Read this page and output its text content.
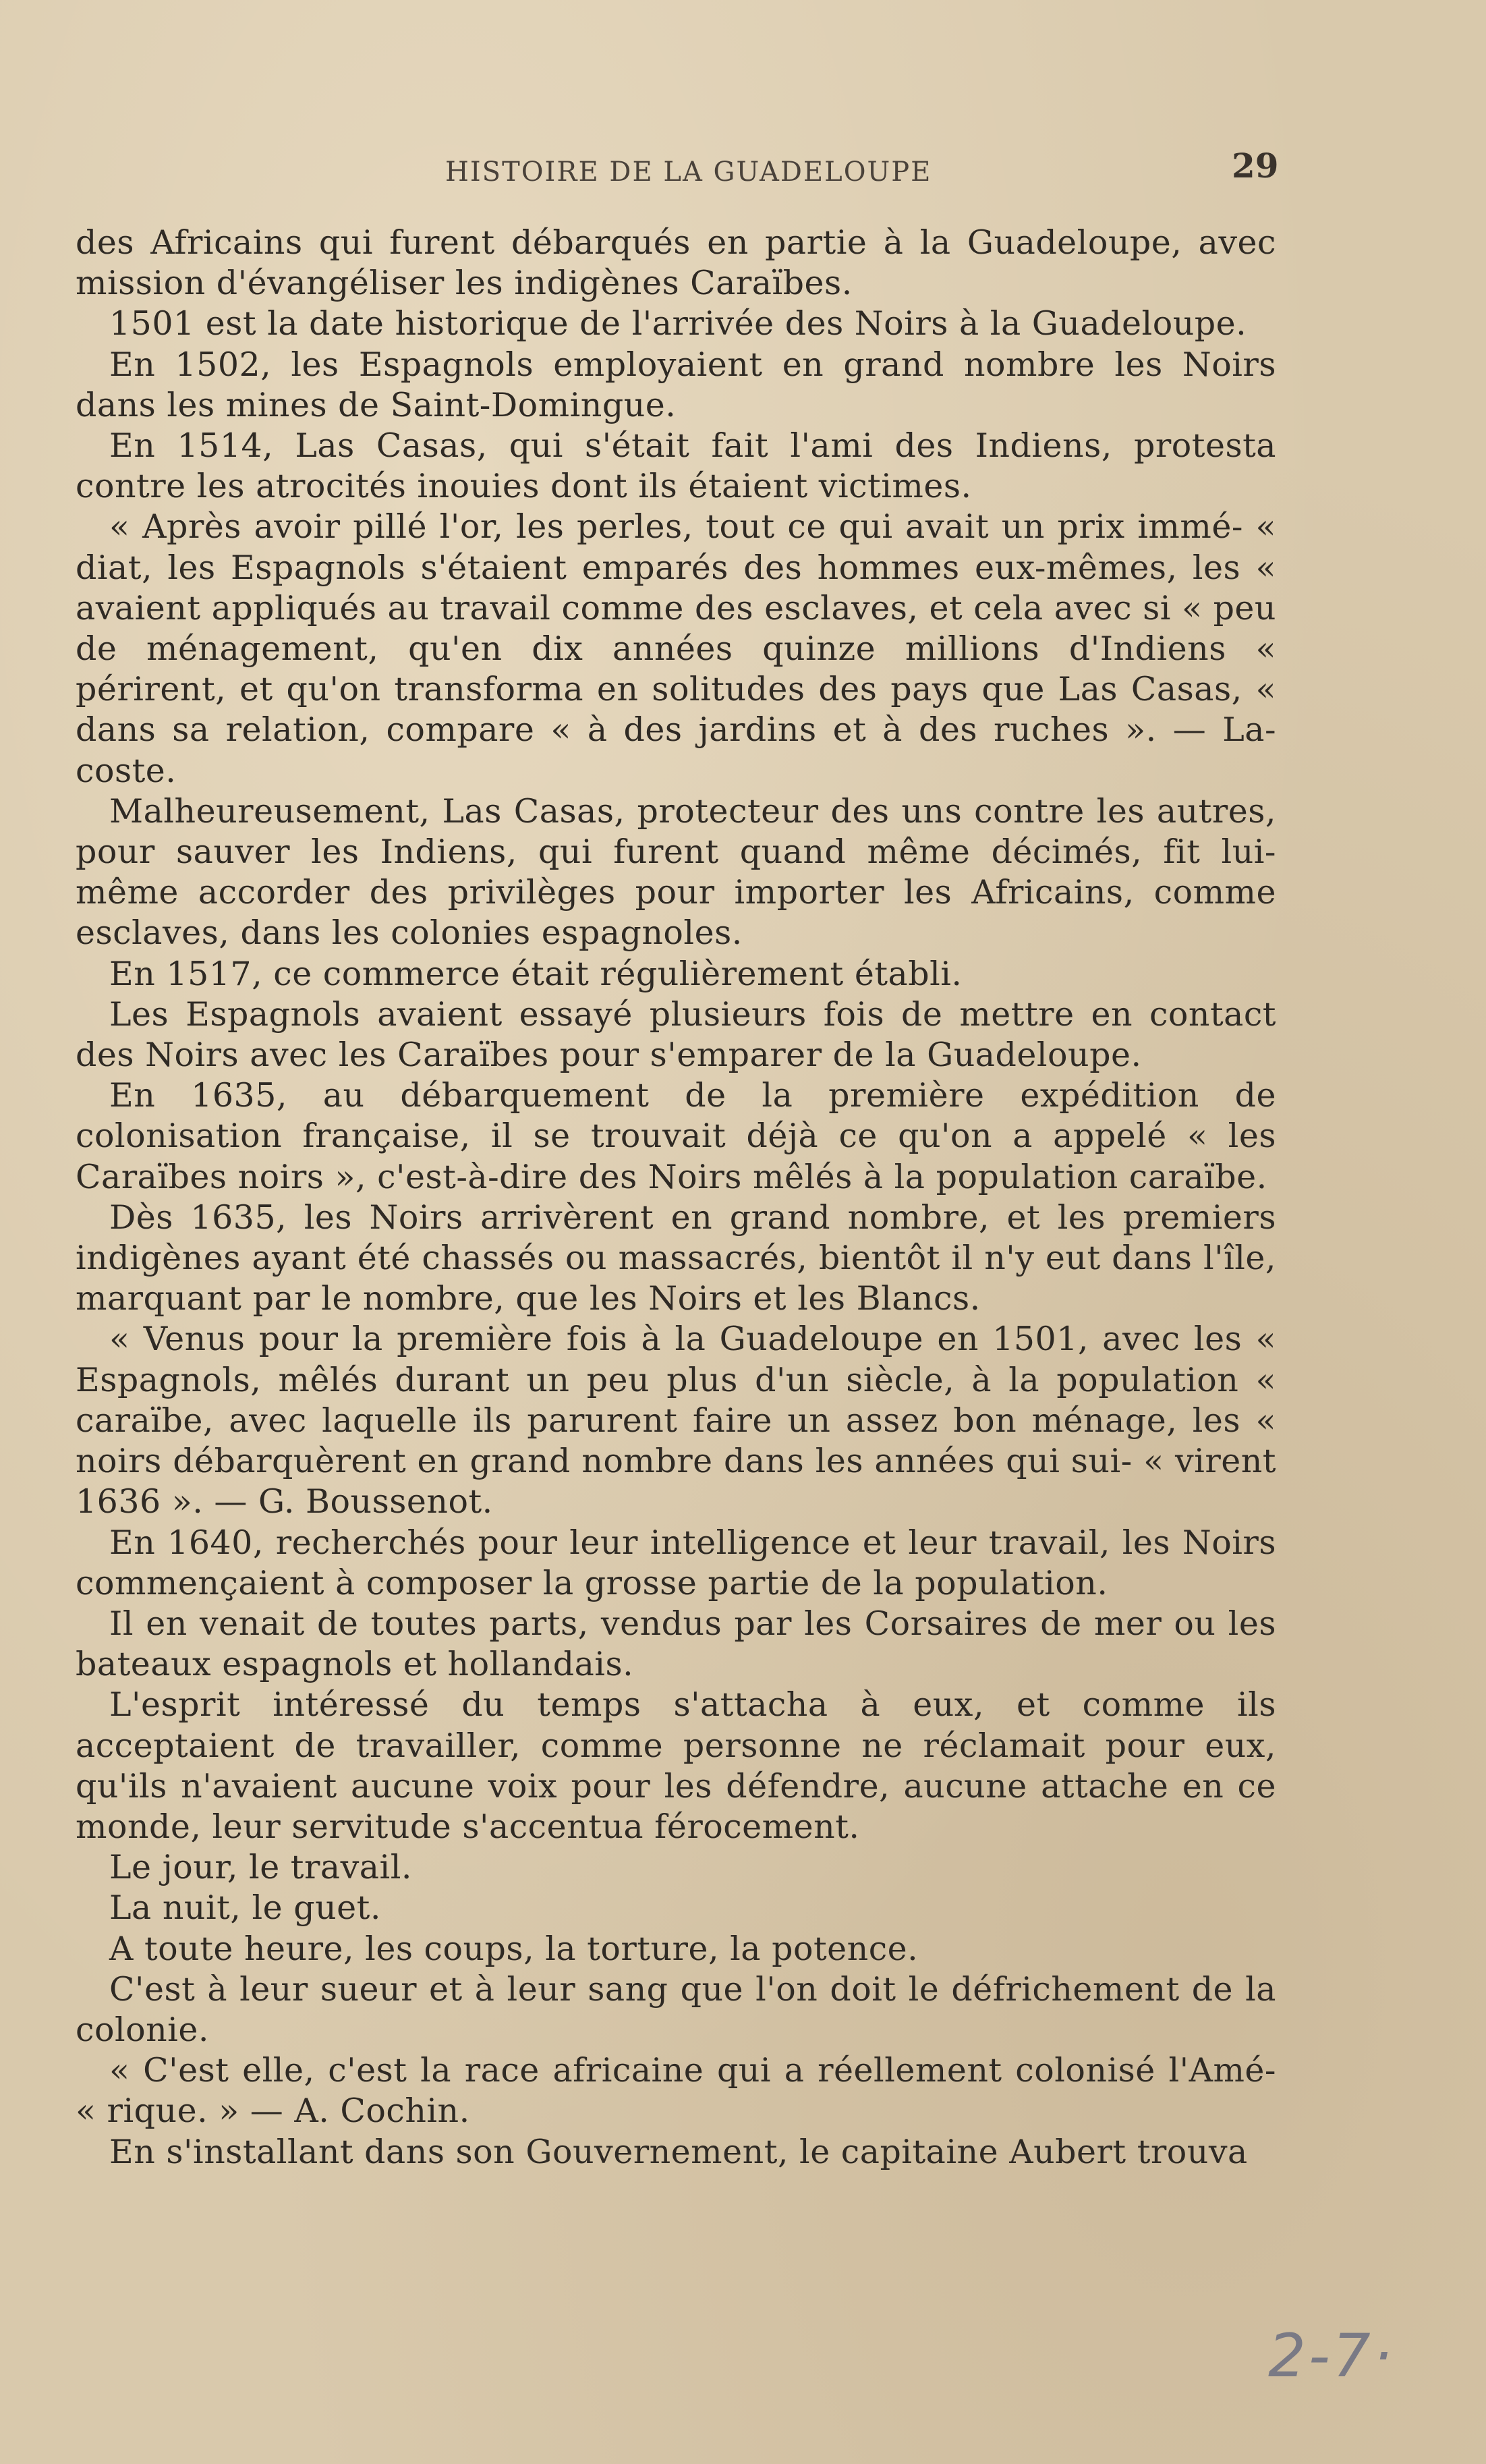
HISTOIRE DE LA GUADELOUPE	29

des Africains qui furent débarqués en partie à la Guadeloupe, avec mission d'évangéliser les indigènes Caraïbes.

1501 est la date historique de l'arrivée des Noirs à la Guadeloupe.

En 1502, les Espagnols employaient en grand nombre les Noirs dans les mines de Saint-Domingue.

En 1514, Las Casas, qui s'était fait l'ami des Indiens, protesta contre les atrocités inouies dont ils étaient victimes.

« Après avoir pillé l'or, les perles, tout ce qui avait un prix immé- « diat, les Espagnols s'étaient emparés des hommes eux-mêmes, les « avaient appliqués au travail comme des esclaves, et cela avec si « peu de ménagement, qu'en dix années quinze millions d'Indiens « périrent, et qu'on transforma en solitudes des pays que Las Casas, « dans sa relation, compare « à des jardins et à des ruches ». — La- coste.

Malheureusement, Las Casas, protecteur des uns contre les autres, pour sauver les Indiens, qui furent quand même décimés, fit lui-même accorder des privilèges pour importer les Africains, comme esclaves, dans les colonies espagnoles.

En 1517, ce commerce était régulièrement établi.

Les Espagnols avaient essayé plusieurs fois de mettre en contact des Noirs avec les Caraïbes pour s'emparer de la Guadeloupe.

En 1635, au débarquement de la première expédition de colonisation française, il se trouvait déjà ce qu'on a appelé « les Caraïbes noirs », c'est-à-dire des Noirs mêlés à la population caraïbe.

Dès 1635, les Noirs arrivèrent en grand nombre, et les premiers indigènes ayant été chassés ou massacrés, bientôt il n'y eut dans l'île, marquant par le nombre, que les Noirs et les Blancs.

« Venus pour la première fois à la Guadeloupe en 1501, avec les « Espagnols, mêlés durant un peu plus d'un siècle, à la population « caraïbe, avec laquelle ils parurent faire un assez bon ménage, les « noirs débarquèrent en grand nombre dans les années qui sui- « virent 1636 ». — G. Boussenot.

En 1640, recherchés pour leur intelligence et leur travail, les Noirs commençaient à composer la grosse partie de la population.

Il en venait de toutes parts, vendus par les Corsaires de mer ou les bateaux espagnols et hollandais.

L'esprit intéressé du temps s'attacha à eux, et comme ils acceptaient de travailler, comme personne ne réclamait pour eux, qu'ils n'avaient aucune voix pour les défendre, aucune attache en ce monde, leur servitude s'accentua férocement.

Le jour, le travail.

La nuit, le guet.

A toute heure, les coups, la torture, la potence.

C'est à leur sueur et à leur sang que l'on doit le défrichement de la colonie.

« C'est elle, c'est la race africaine qui a réellement colonisé l'Amé- « rique. » — A. Cochin.

En s'installant dans son Gouvernement, le capitaine Aubert trouva

2-7·
